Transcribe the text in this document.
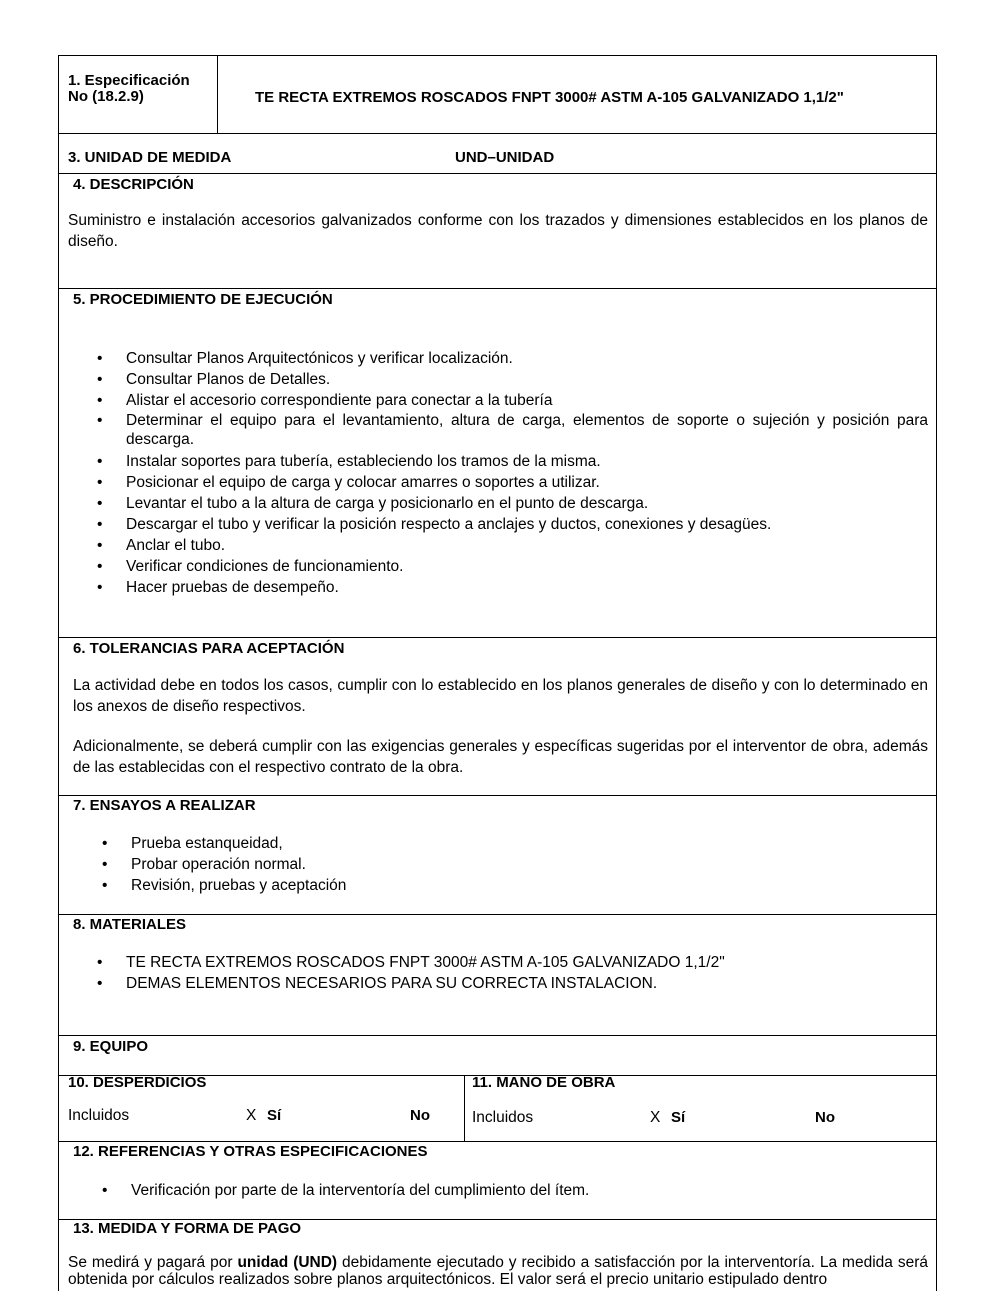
1. Especificación
No (18.2.9)	TE RECTA EXTREMOS ROSCADOS FNPT 3000# ASTM A-105 GALVANIZADO 1,1/2"
3. UNIDAD DE MEDIDA	UND–UNIDAD
4. DESCRIPCIÓN
Suministro e instalación accesorios galvanizados conforme con los trazados y dimensiones establecidos en los planos de diseño.
5. PROCEDIMIENTO DE EJECUCIÓN
• Consultar Planos Arquitectónicos y verificar localización.
• Consultar Planos de Detalles.
• Alistar el accesorio correspondiente para conectar a la tubería
• Determinar el equipo para el levantamiento, altura de carga, elementos de soporte o sujeción y posición para descarga.
• Instalar soportes para tubería, estableciendo los tramos de la misma.
• Posicionar el equipo de carga y colocar amarres o soportes a utilizar.
• Levantar el tubo a la altura de carga y posicionarlo en el punto de descarga.
• Descargar el tubo y verificar la posición respecto a anclajes y ductos, conexiones y desagües.
• Anclar el tubo.
• Verificar condiciones de funcionamiento.
• Hacer pruebas de desempeño.
6. TOLERANCIAS PARA ACEPTACIÓN
La actividad debe en todos los casos, cumplir con lo establecido en los planos generales de diseño y con lo determinado en los anexos de diseño respectivos.
Adicionalmente, se deberá cumplir con las exigencias generales y específicas sugeridas por el interventor de obra, además de las establecidas con el respectivo contrato de la obra.
7. ENSAYOS A REALIZAR
• Prueba estanqueidad,
• Probar operación normal.
• Revisión, pruebas y aceptación
8. MATERIALES
• TE RECTA EXTREMOS ROSCADOS FNPT 3000# ASTM A-105 GALVANIZADO 1,1/2"
• DEMAS ELEMENTOS NECESARIOS PARA SU CORRECTA INSTALACION.
9. EQUIPO
10. DESPERDICIOS
Incluidos	X Sí	No
11. MANO DE OBRA
Incluidos	X Sí	No
12. REFERENCIAS Y OTRAS ESPECIFICACIONES
• Verificación por parte de la interventoría del cumplimiento del ítem.
13. MEDIDA Y FORMA DE PAGO
Se medirá y pagará por unidad (UND) debidamente ejecutado y recibido a satisfacción por la interventoría. La medida será obtenida por cálculos realizados sobre planos arquitectónicos. El valor será el precio unitario estipulado dentro
